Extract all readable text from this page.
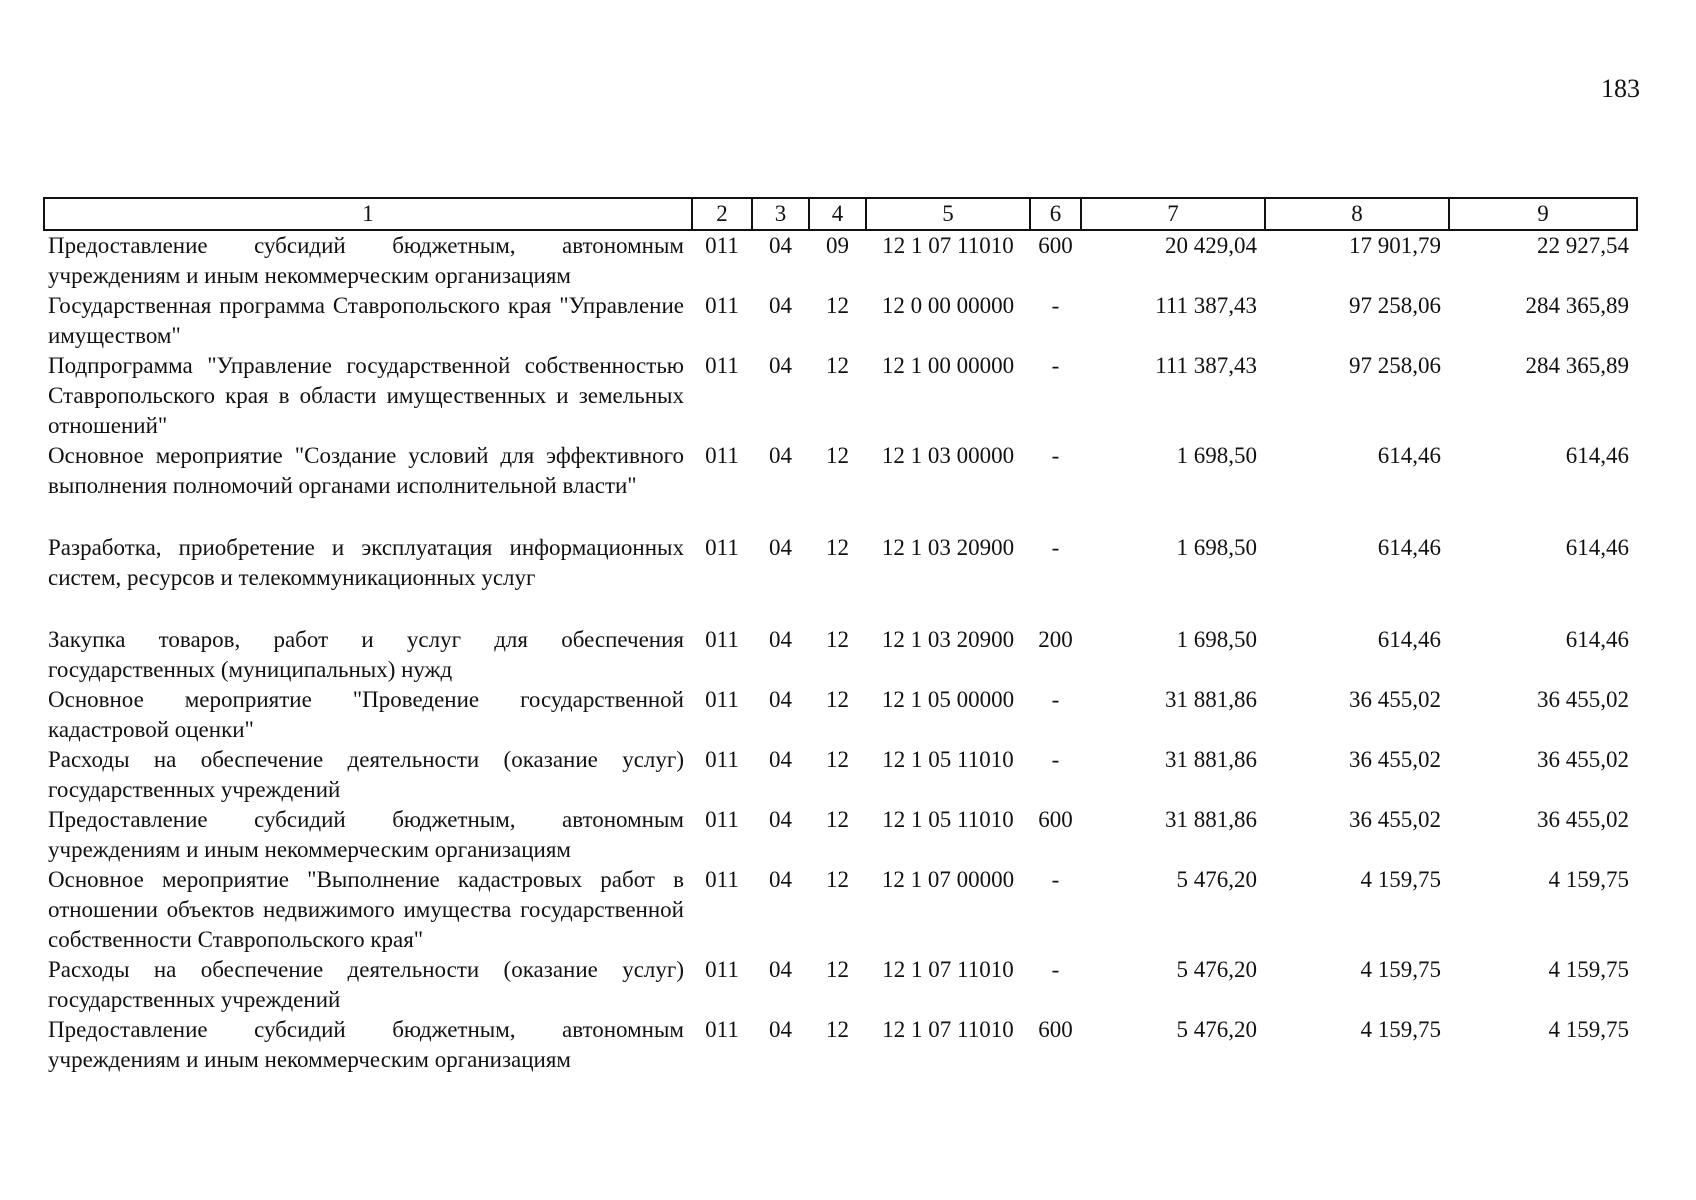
183
1	2	3	4	5	6	7	8	9
Предоставление субсидий бюджетным, автономным учреждениям и иным некоммерческим организациям	011	04	09	12 1 07 11010	600	20 429,04	17 901,79	22 927,54
Государственная программа Ставропольского края "Управление имуществом"	011	04	12	12 0 00 00000	-	111 387,43	97 258,06	284 365,89
Подпрограмма "Управление государственной собственностью Ставропольского края в области имущественных и земельных отношений"	011	04	12	12 1 00 00000	-	111 387,43	97 258,06	284 365,89
Основное мероприятие "Создание условий для эффективного выполнения полномочий органами исполнительной власти"	011	04	12	12 1 03 00000	-	1 698,50	614,46	614,46
Разработка, приобретение и эксплуатация информационных систем, ресурсов и телекоммуникационных услуг	011	04	12	12 1 03 20900	-	1 698,50	614,46	614,46
Закупка товаров, работ и услуг для обеспечения государственных (муниципальных) нужд	011	04	12	12 1 03 20900	200	1 698,50	614,46	614,46
Основное мероприятие "Проведение государственной кадастровой оценки"	011	04	12	12 1 05 00000	-	31 881,86	36 455,02	36 455,02
Расходы на обеспечение деятельности (оказание услуг) государственных учреждений	011	04	12	12 1 05 11010	-	31 881,86	36 455,02	36 455,02
Предоставление субсидий бюджетным, автономным учреждениям и иным некоммерческим организациям	011	04	12	12 1 05 11010	600	31 881,86	36 455,02	36 455,02
Основное мероприятие "Выполнение кадастровых работ в отношении объектов недвижимого имущества государственной собственности Ставропольского края"	011	04	12	12 1 07 00000	-	5 476,20	4 159,75	4 159,75
Расходы на обеспечение деятельности (оказание услуг) государственных учреждений	011	04	12	12 1 07 11010	-	5 476,20	4 159,75	4 159,75
Предоставление субсидий бюджетным, автономным учреждениям и иным некоммерческим организациям	011	04	12	12 1 07 11010	600	5 476,20	4 159,75	4 159,75
